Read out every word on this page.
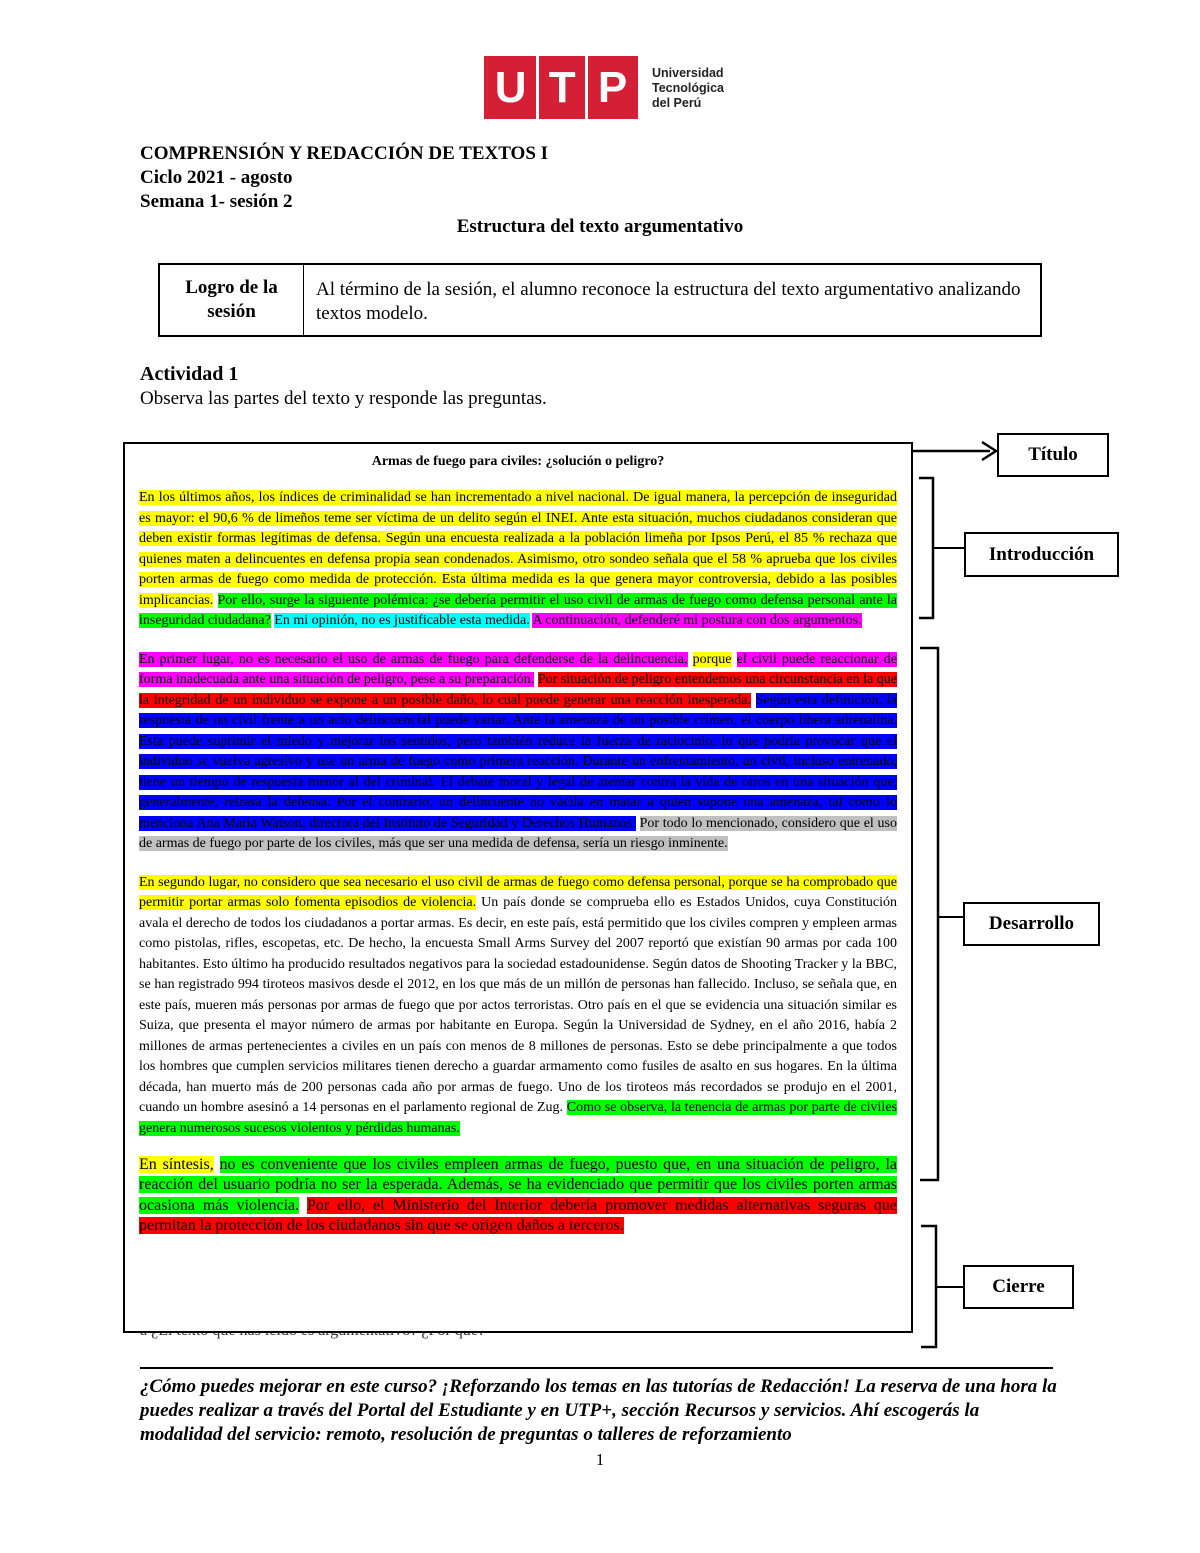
U T P Universidad
Tecnológica
del Perú
COMPRENSIÓN Y REDACCIÓN DE TEXTOS I
Ciclo 2021 - agosto
Semana 1- sesión 2
Estructura del texto argumentativo
Logro de la sesión
Al término de la sesión, el alumno reconoce la estructura del texto argumentativo analizando textos modelo.
Actividad 1
Observa las partes del texto y responde las preguntas.
Armas de fuego para civiles: ¿solución o peligro?

En los últimos años, los índices de criminalidad se han incrementado a nivel nacional. De igual manera, la percepción de inseguridad es mayor: el 90,6 % de limeños teme ser víctima de un delito según el INEI. Ante esta situación, muchos ciudadanos consideran que deben existir formas legítimas de defensa. Según una encuesta realizada a la población limeña por Ipsos Perú, el 85 % rechaza que quienes maten a delincuentes en defensa propia sean condenados. Asimismo, otro sondeo señala que el 58 % aprueba que los civiles porten armas de fuego como medida de protección. Esta última medida es la que genera mayor controversia, debido a las posibles implicancias. Por ello, surge la siguiente polémica: ¿se debería permitir el uso civil de armas de fuego como defensa personal ante la inseguridad ciudadana? En mi opinión, no es justificable esta medida. A continuación, defenderé mi postura con dos argumentos.

En primer lugar, no es necesario el uso de armas de fuego para defenderse de la delincuencia, porque el civil puede reaccionar de forma inadecuada ante una situación de peligro, pese a su preparación. Por situación de peligro entendemos una circunstancia en la que la integridad de un individuo se expone a un posible daño, lo cual puede generar una reacción inesperada. Según esta definición, la respuesta de un civil frente a un acto delincuencial puede variar. Ante la amenaza de un posible crimen, el cuerpo libera adrenalina. Esta puede suprimir el miedo y mejorar los sentidos, pero también reduce la fuerza de raciocinio, lo que podría provocar que el individuo se vuelva agresivo y use un arma de fuego como primera reacción. Durante un enfrentamiento, un civil, incluso entrenado, tiene un tiempo de respuesta menor al del criminal. El debate moral y legal de atentar contra la vida de otros en una situación que, generalmente, retrasa la defensa. Por el contrario, un delincuente no vacila en matar a quien supone una amenaza, tal como lo menciona Ana María Watson, directora del Instituto de Seguridad y Derechos Humanos. Por todo lo mencionado, considero que el uso de armas de fuego por parte de los civiles, más que ser una medida de defensa, sería un riesgo inminente.

En segundo lugar, no considero que sea necesario el uso civil de armas de fuego como defensa personal, porque se ha comprobado que permitir portar armas solo fomenta episodios de violencia. Un país donde se comprueba ello es Estados Unidos, cuya Constitución avala el derecho de todos los ciudadanos a portar armas. Es decir, en este país, está permitido que los civiles compren y empleen armas como pistolas, rifles, escopetas, etc. De hecho, la encuesta Small Arms Survey del 2007 reportó que existían 90 armas por cada 100 habitantes. Esto último ha producido resultados negativos para la sociedad estadounidense. Según datos de Shooting Tracker y la BBC, se han registrado 994 tiroteos masivos desde el 2012, en los que más de un millón de personas han fallecido. Incluso, se señala que, en este país, mueren más personas por armas de fuego que por actos terroristas. Otro país en el que se evidencia una situación similar es Suiza, que presenta el mayor número de armas por habitante en Europa. Según la Universidad de Sydney, en el año 2016, había 2 millones de armas pertenecientes a civiles en un país con menos de 8 millones de personas. Esto se debe principalmente a que todos los hombres que cumplen servicios militares tienen derecho a guardar armamento como fusiles de asalto en sus hogares. En la última década, han muerto más de 200 personas cada año por armas de fuego. Uno de los tiroteos más recordados se produjo en el 2001, cuando un hombre asesinó a 14 personas en el parlamento regional de Zug. Como se observa, la tenencia de armas por parte de civiles genera numerosos sucesos violentos y pérdidas humanas.

En síntesis, no es conveniente que los civiles empleen armas de fuego, puesto que, en una situación de peligro, la reacción del usuario podría no ser la esperada. Además, se ha evidenciado que permitir que los civiles porten armas ocasiona más violencia. Por ello, el Ministerio del Interior debería promover medidas alternativas seguras que permitan la protección de los ciudadanos sin que se origen daños a terceros.

Título
Introducción
Desarrollo
Cierre
¿Cómo puedes mejorar en este curso? ¡Reforzando los temas en las tutorías de Redacción! La reserva de una hora la puedes realizar a través del Portal del Estudiante y en UTP+, sección Recursos y servicios. Ahí escogerás la modalidad del servicio: remoto, resolución de preguntas o talleres de reforzamiento
1
